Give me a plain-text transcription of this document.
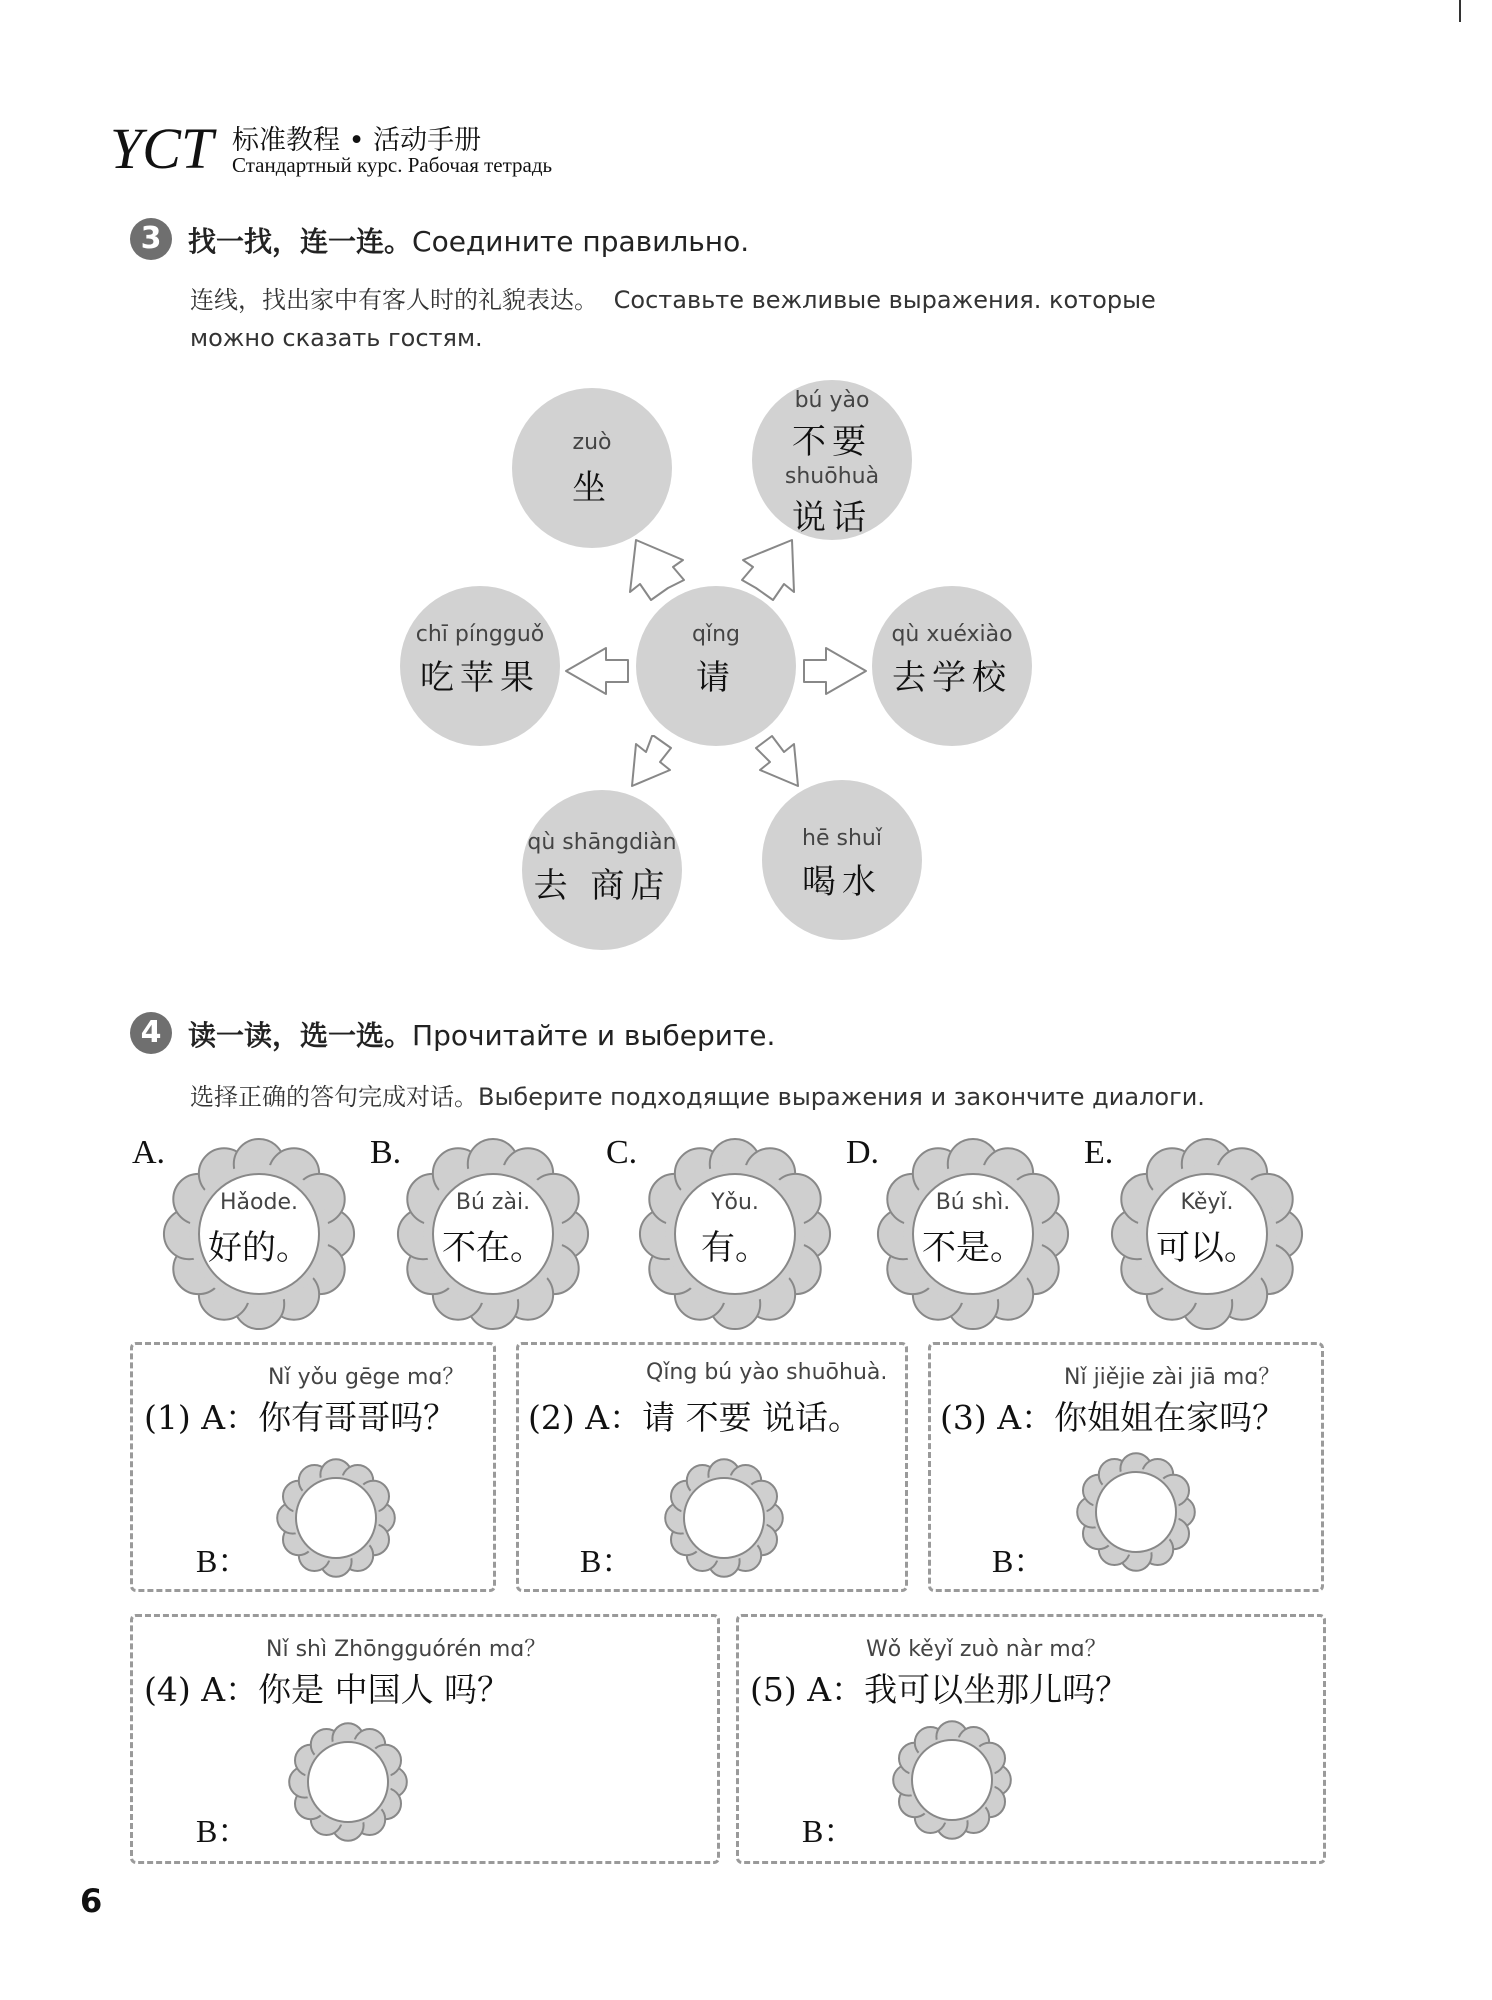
YCT 标准教程 • 活动手册
Стандартный курс. Рабочая тетрадь
3 找一找，连一连。Соедините правильно.
连线，找出家中有客人时的礼貌表达。 Составьте вежливые выражения. которые
можно сказать гостям.
zuò
坐
bú yào
不要
shuōhuà
说话
chī píngguǒ
吃苹果
qǐng
请
qù xuéxiào
去学校
qù shāngdiàn
去 商店
hē shuǐ
喝水
4 读一读，选一选。Прочитайте и выберите.
选择正确的答句完成对话。Выберите подходящие выражения и закончите диалоги.
A.
Hǎode.
好的。
B.
Bú zài.
不在。
C.
Yǒu.
有。
D.
Bú shì.
不是。
E.
Kěyǐ.
可以。
Nǐ yǒu gēge mɑ？
(1) A：你有哥哥吗？
B：
Qǐng bú yào shuōhuà.
(2) A：请 不要 说话。
B：
Nǐ jiějie zài jiā mɑ？
(3) A：你姐姐在家吗？
B：
Nǐ shì Zhōngguórén mɑ？
(4) A：你是 中国人 吗？
B：
Wǒ kěyǐ zuò nàr mɑ？
(5) A：我可以坐那儿吗？
B：
6
